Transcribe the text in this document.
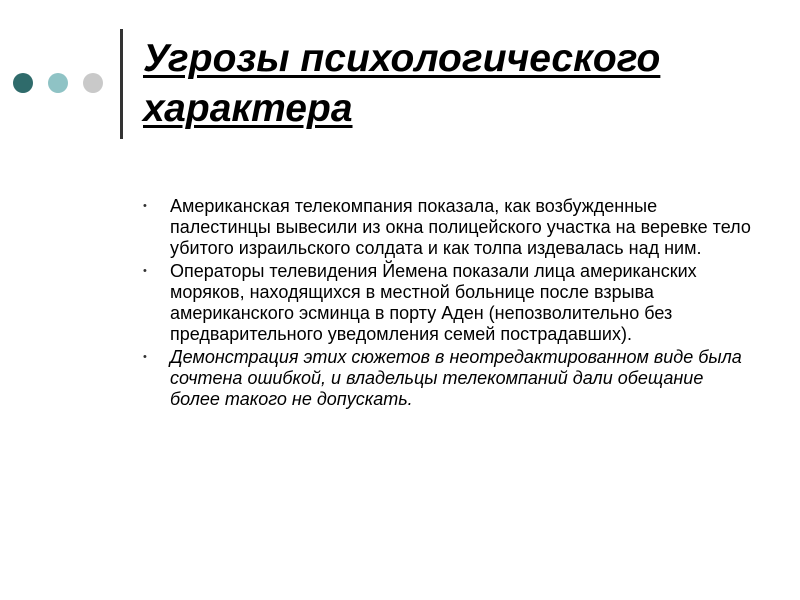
Угрозы психологического характера
•	Американская телекомпания показала, как возбужденные палестинцы вывесили из окна полицейского участка на веревке тело убитого израильского солдата и как толпа издевалась над ним.
•	Операторы телевидения Йемена показали лица американских моряков, находящихся в местной больнице после взрыва американского эсминца в порту Аден (непозволительно без предварительного уведомления семей пострадавших).
•	Демонстрация этих сюжетов в неотредактированном виде была сочтена ошибкой, и владельцы телекомпаний дали обещание более такого не допускать.
